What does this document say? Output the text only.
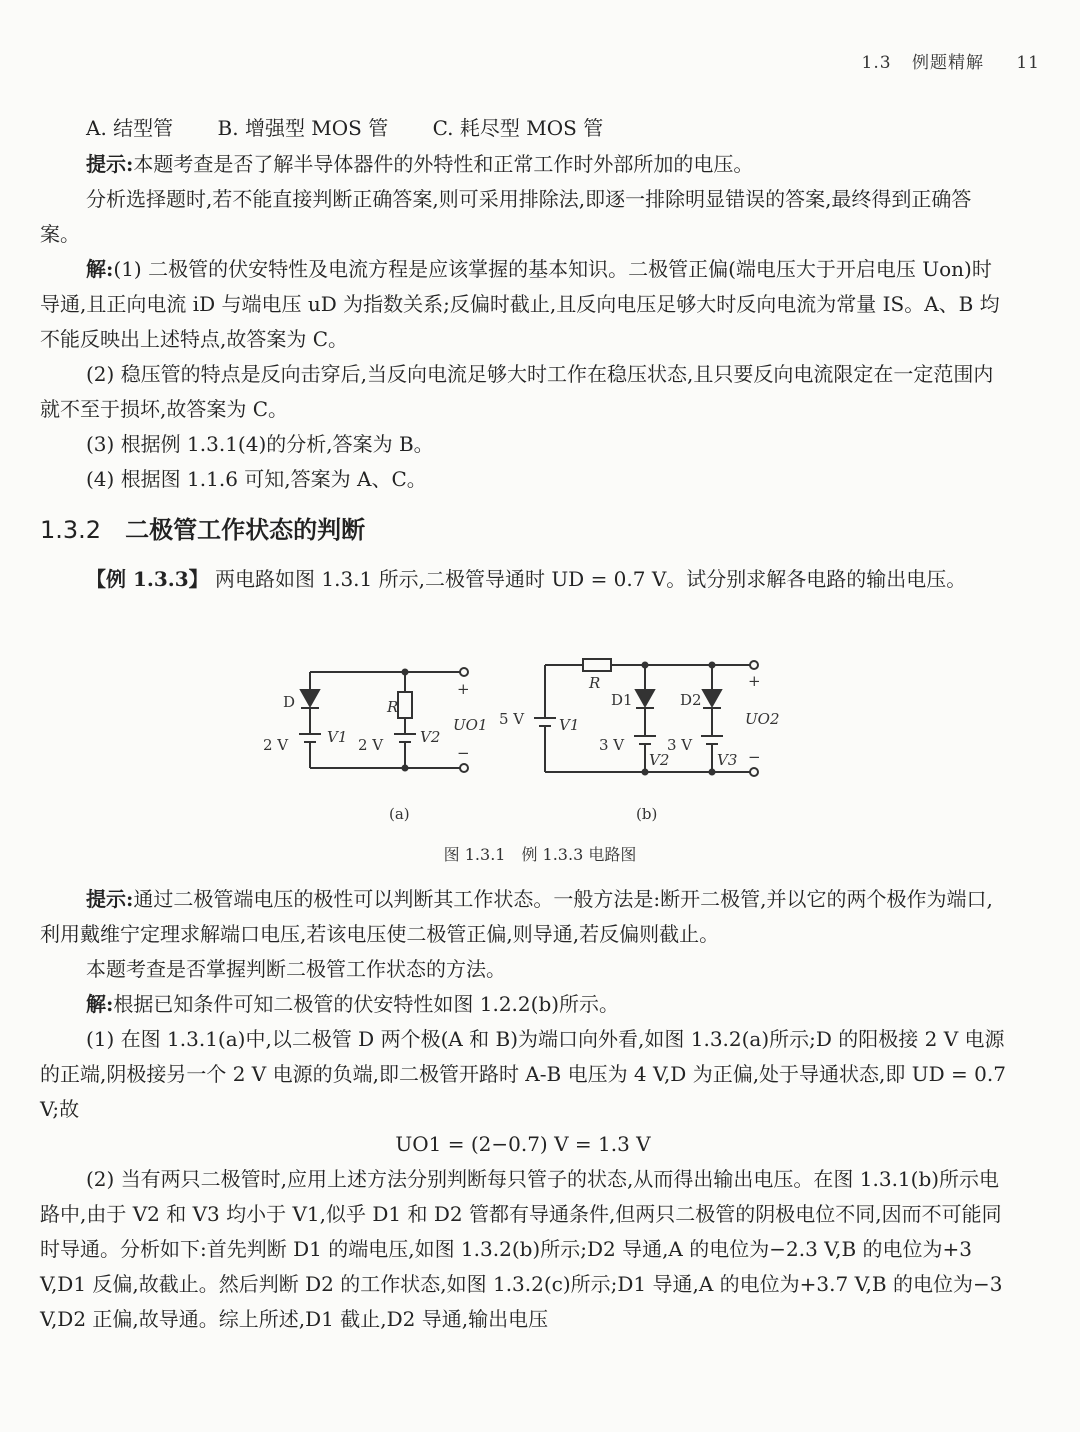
1.3 例题精解 11
A. 结型管 B. 增强型 MOS 管 C. 耗尽型 MOS 管

提示:本题考查是否了解半导体器件的外特性和正常工作时外部所加的电压。

分析选择题时,若不能直接判断正确答案,则可采用排除法,即逐一排除明显错误的答案,最终得到正确答案。

解:(1) 二极管的伏安特性及电流方程是应该掌握的基本知识。二极管正偏(端电压大于开启电压 Uon)时导通,且正向电流 iD 与端电压 uD 为指数关系;反偏时截止,且反向电压足够大时反向电流为常量 IS。A、B 均不能反映出上述特点,故答案为 C。

(2) 稳压管的特点是反向击穿后,当反向电流足够大时工作在稳压状态,且只要反向电流限定在一定范围内就不至于损坏,故答案为 C。

(3) 根据例 1.3.1(4)的分析,答案为 B。

(4) 根据图 1.1.6 可知,答案为 A、C。

1.3.2 二极管工作状态的判断

【例 1.3.3】 两电路如图 1.3.1 所示,二极管导通时 UD = 0.7 V。试分别求解各电路的输出电压。

D
V1
2 V
R
2 V V2
UO1
+
−
5 V V1
R
D1
3 V
V2
D2
3 V
V3
UO2
+
−
(a)	(b)
图 1.3.1　例 1.3.3 电路图

提示:通过二极管端电压的极性可以判断其工作状态。一般方法是:断开二极管,并以它的两个极作为端口,利用戴维宁定理求解端口电压,若该电压使二极管正偏,则导通,若反偏则截止。

本题考查是否掌握判断二极管工作状态的方法。

解:根据已知条件可知二极管的伏安特性如图 1.2.2(b)所示。

(1) 在图 1.3.1(a)中,以二极管 D 两个极(A 和 B)为端口向外看,如图 1.3.2(a)所示;D 的阳极接 2 V 电源的正端,阴极接另一个 2 V 电源的负端,即二极管开路时 A-B 电压为 4 V,D 为正偏,处于导通状态,即 UD = 0.7 V;故

UO1 = (2−0.7) V = 1.3 V

(2) 当有两只二极管时,应用上述方法分别判断每只管子的状态,从而得出输出电压。在图 1.3.1(b)所示电路中,由于 V2 和 V3 均小于 V1,似乎 D1 和 D2 管都有导通条件,但两只二极管的阴极电位不同,因而不可能同时导通。分析如下:首先判断 D1 的端电压,如图 1.3.2(b)所示;D2 导通,A 的电位为−2.3 V,B 的电位为+3 V,D1 反偏,故截止。然后判断 D2 的工作状态,如图 1.3.2(c)所示;D1 导通,A 的电位为+3.7 V,B 的电位为−3 V,D2 正偏,故导通。综上所述,D1 截止,D2 导通,输出电压
